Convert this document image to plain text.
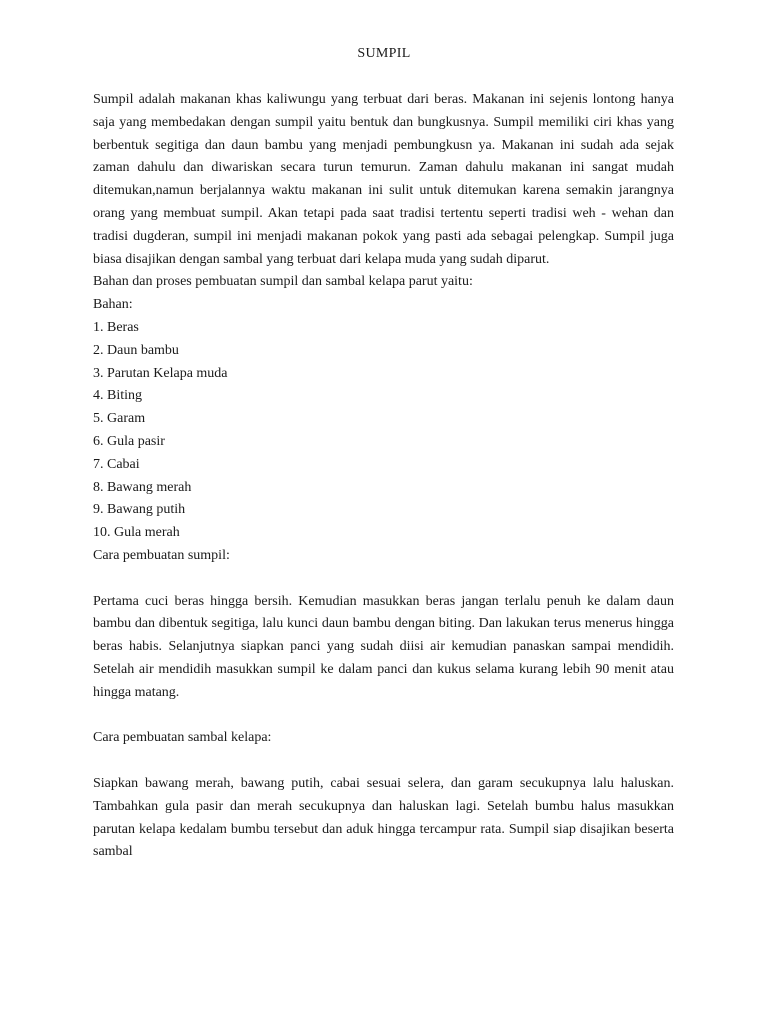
SUMPIL
Sumpil adalah makanan khas kaliwungu yang terbuat dari beras. Makanan ini sejenis lontong hanya saja yang membedakan dengan sumpil yaitu bentuk dan bungkusnya. Sumpil memiliki ciri khas yang berbentuk segitiga dan daun bambu yang menjadi pembungkusn ya. Makanan ini sudah ada sejak zaman dahulu dan diwariskan secara turun temurun. Zaman dahulu makanan ini sangat mudah ditemukan,namun berjalannya waktu makanan ini sulit untuk ditemukan karena semakin jarangnya orang yang membuat sumpil. Akan tetapi pada saat tradisi tertentu seperti tradisi weh - wehan dan tradisi dugderan, sumpil ini menjadi makanan pokok yang pasti ada sebagai pelengkap. Sumpil juga biasa disajikan dengan sambal yang terbuat dari kelapa muda yang sudah diparut.
Bahan dan proses pembuatan sumpil dan sambal kelapa parut yaitu:
Bahan:
1. Beras
2. Daun bambu
3. Parutan Kelapa muda
4. Biting
5. Garam
6. Gula pasir
7. Cabai
8. Bawang merah
9. Bawang putih
10. Gula merah
Cara pembuatan sumpil:
Pertama cuci beras hingga bersih. Kemudian masukkan beras jangan terlalu penuh ke dalam daun bambu dan dibentuk segitiga, lalu kunci daun bambu dengan biting. Dan lakukan terus menerus hingga beras habis. Selanjutnya siapkan panci yang sudah diisi air kemudian panaskan sampai mendidih. Setelah air mendidih masukkan sumpil ke dalam panci dan kukus selama kurang lebih 90 menit atau hingga matang.
Cara pembuatan sambal kelapa:
Siapkan bawang merah, bawang putih, cabai sesuai selera, dan garam secukupnya lalu haluskan. Tambahkan gula pasir dan merah secukupnya dan haluskan lagi. Setelah bumbu halus masukkan parutan kelapa kedalam bumbu tersebut dan aduk hingga tercampur rata. Sumpil siap disajikan beserta sambal
